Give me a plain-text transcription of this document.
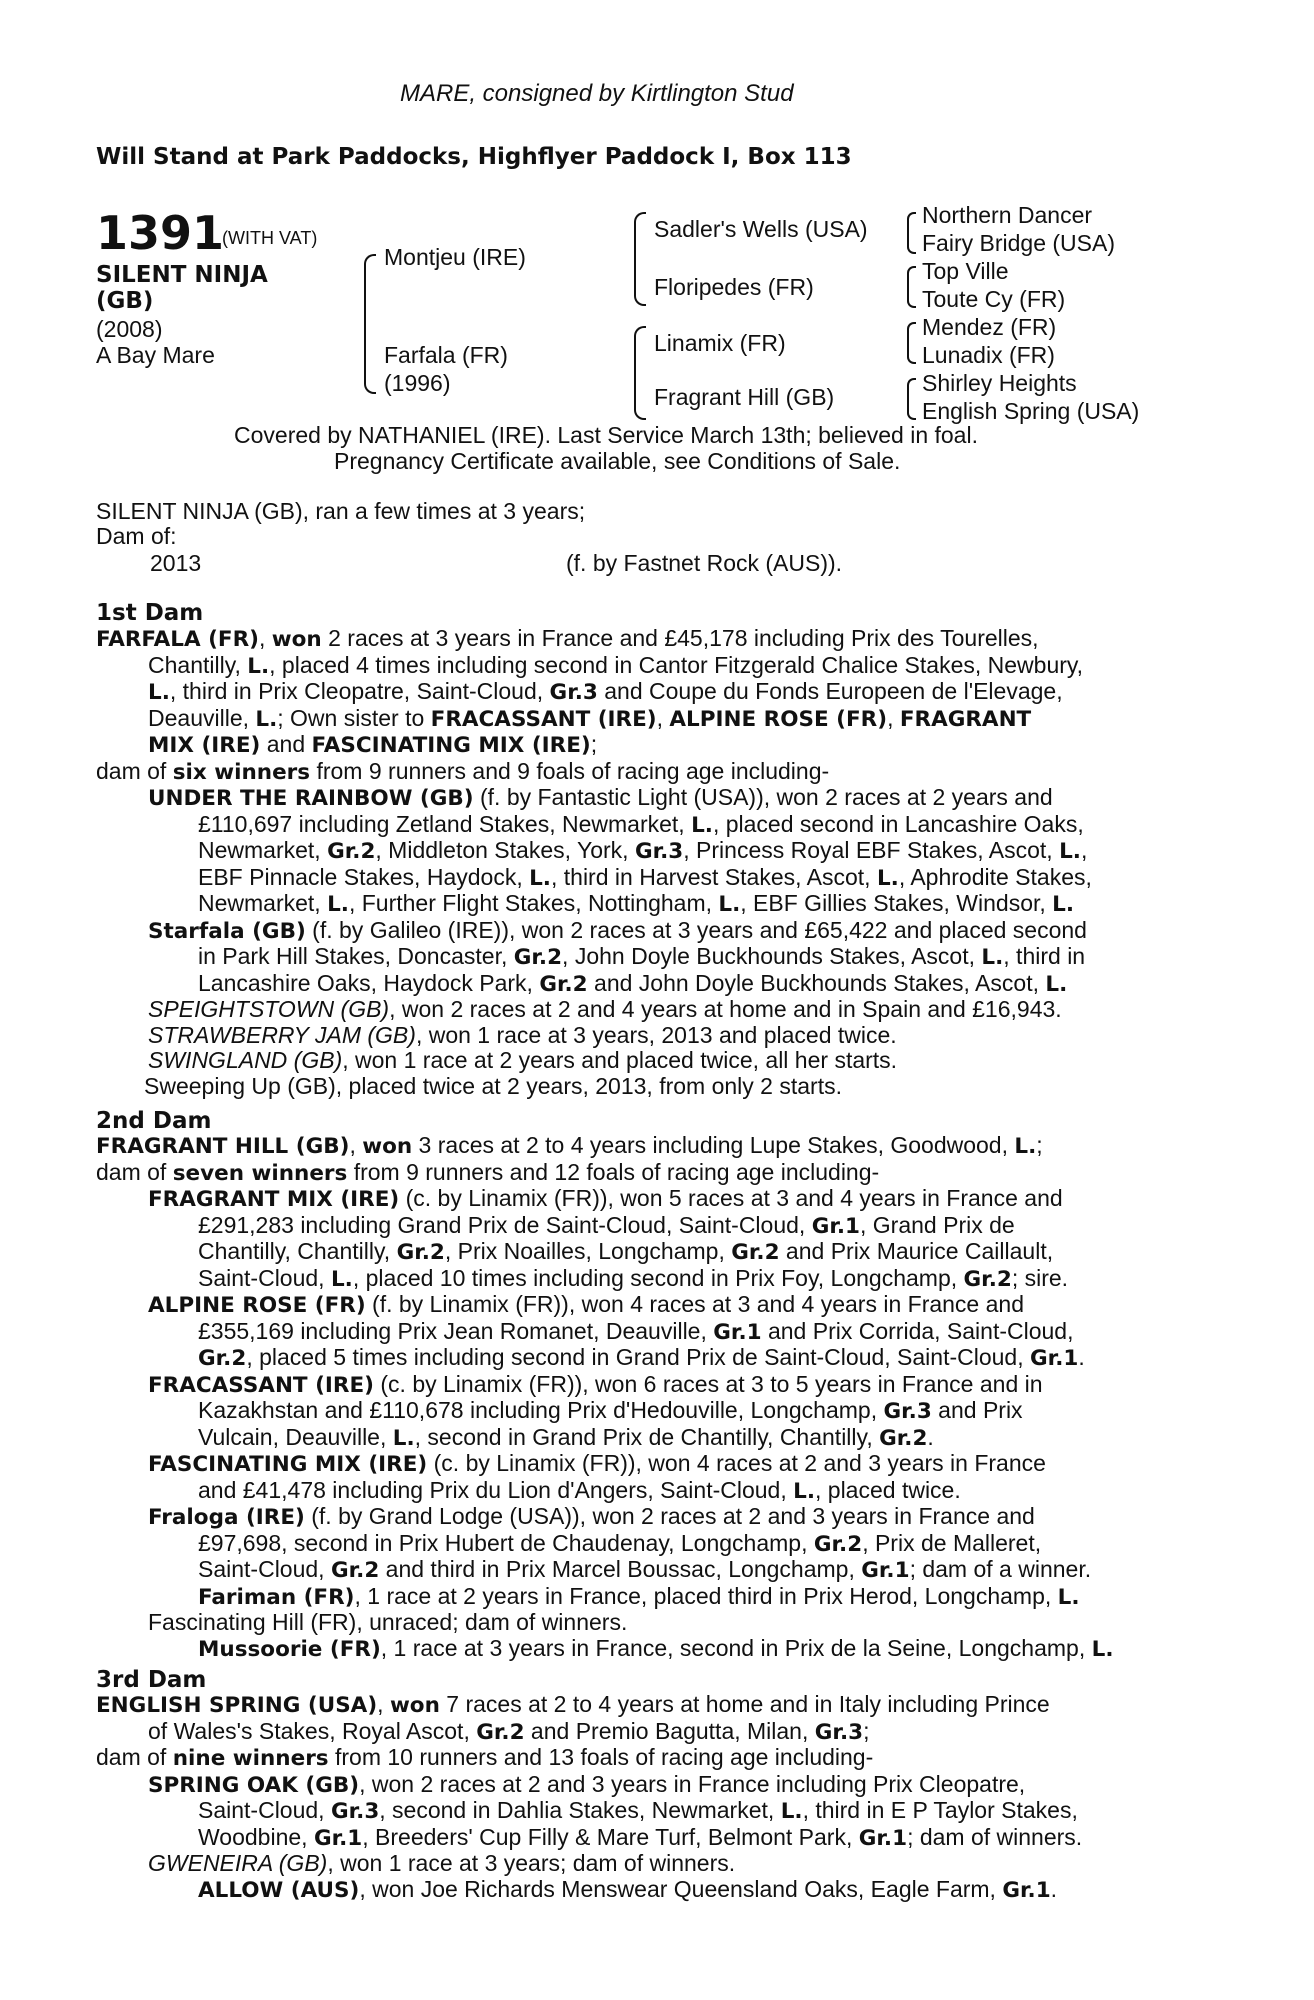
MARE, consigned by Kirtlington Stud
Will Stand at Park Paddocks, Highflyer Paddock I, Box 113
1391
(WITH VAT)
SILENT NINJA
(GB)
(2008)
A Bay Mare
Montjeu (IRE)
Farfala (FR)
(1996)
Sadler's Wells (USA)
Floripedes (FR)
Linamix (FR)
Fragrant Hill (GB)
Northern Dancer
Fairy Bridge (USA)
Top Ville
Toute Cy (FR)
Mendez (FR)
Lunadix (FR)
Shirley Heights
English Spring (USA)
Covered by NATHANIEL (IRE). Last Service March 13th; believed in foal.
Pregnancy Certificate available, see Conditions of Sale.
SILENT NINJA (GB), ran a few times at 3 years;
Dam of:
2013	(f. by Fastnet Rock (AUS)).
1st Dam
FARFALA (FR), won 2 races at 3 years in France and £45,178 including Prix des Tourelles,
Chantilly, L., placed 4 times including second in Cantor Fitzgerald Chalice Stakes, Newbury,
L., third in Prix Cleopatre, Saint-Cloud, Gr.3 and Coupe du Fonds Europeen de l'Elevage,
Deauville, L.; Own sister to FRACASSANT (IRE), ALPINE ROSE (FR), FRAGRANT
MIX (IRE) and FASCINATING MIX (IRE);
dam of six winners from 9 runners and 9 foals of racing age including-
UNDER THE RAINBOW (GB) (f. by Fantastic Light (USA)), won 2 races at 2 years and
£110,697 including Zetland Stakes, Newmarket, L., placed second in Lancashire Oaks,
Newmarket, Gr.2, Middleton Stakes, York, Gr.3, Princess Royal EBF Stakes, Ascot, L.,
EBF Pinnacle Stakes, Haydock, L., third in Harvest Stakes, Ascot, L., Aphrodite Stakes,
Newmarket, L., Further Flight Stakes, Nottingham, L., EBF Gillies Stakes, Windsor, L.
Starfala (GB) (f. by Galileo (IRE)), won 2 races at 3 years and £65,422 and placed second
in Park Hill Stakes, Doncaster, Gr.2, John Doyle Buckhounds Stakes, Ascot, L., third in
Lancashire Oaks, Haydock Park, Gr.2 and John Doyle Buckhounds Stakes, Ascot, L.
SPEIGHTSTOWN (GB), won 2 races at 2 and 4 years at home and in Spain and £16,943.
STRAWBERRY JAM (GB), won 1 race at 3 years, 2013 and placed twice.
SWINGLAND (GB), won 1 race at 2 years and placed twice, all her starts.
Sweeping Up (GB), placed twice at 2 years, 2013, from only 2 starts.
2nd Dam
FRAGRANT HILL (GB), won 3 races at 2 to 4 years including Lupe Stakes, Goodwood, L.;
dam of seven winners from 9 runners and 12 foals of racing age including-
FRAGRANT MIX (IRE) (c. by Linamix (FR)), won 5 races at 3 and 4 years in France and
£291,283 including Grand Prix de Saint-Cloud, Saint-Cloud, Gr.1, Grand Prix de
Chantilly, Chantilly, Gr.2, Prix Noailles, Longchamp, Gr.2 and Prix Maurice Caillault,
Saint-Cloud, L., placed 10 times including second in Prix Foy, Longchamp, Gr.2; sire.
ALPINE ROSE (FR) (f. by Linamix (FR)), won 4 races at 3 and 4 years in France and
£355,169 including Prix Jean Romanet, Deauville, Gr.1 and Prix Corrida, Saint-Cloud,
Gr.2, placed 5 times including second in Grand Prix de Saint-Cloud, Saint-Cloud, Gr.1.
FRACASSANT (IRE) (c. by Linamix (FR)), won 6 races at 3 to 5 years in France and in
Kazakhstan and £110,678 including Prix d'Hedouville, Longchamp, Gr.3 and Prix
Vulcain, Deauville, L., second in Grand Prix de Chantilly, Chantilly, Gr.2.
FASCINATING MIX (IRE) (c. by Linamix (FR)), won 4 races at 2 and 3 years in France
and £41,478 including Prix du Lion d'Angers, Saint-Cloud, L., placed twice.
Fraloga (IRE) (f. by Grand Lodge (USA)), won 2 races at 2 and 3 years in France and
£97,698, second in Prix Hubert de Chaudenay, Longchamp, Gr.2, Prix de Malleret,
Saint-Cloud, Gr.2 and third in Prix Marcel Boussac, Longchamp, Gr.1; dam of a winner.
Fariman (FR), 1 race at 2 years in France, placed third in Prix Herod, Longchamp, L.
Fascinating Hill (FR), unraced; dam of winners.
Mussoorie (FR), 1 race at 3 years in France, second in Prix de la Seine, Longchamp, L.
3rd Dam
ENGLISH SPRING (USA), won 7 races at 2 to 4 years at home and in Italy including Prince
of Wales's Stakes, Royal Ascot, Gr.2 and Premio Bagutta, Milan, Gr.3;
dam of nine winners from 10 runners and 13 foals of racing age including-
SPRING OAK (GB), won 2 races at 2 and 3 years in France including Prix Cleopatre,
Saint-Cloud, Gr.3, second in Dahlia Stakes, Newmarket, L., third in E P Taylor Stakes,
Woodbine, Gr.1, Breeders' Cup Filly & Mare Turf, Belmont Park, Gr.1; dam of winners.
GWENEIRA (GB), won 1 race at 3 years; dam of winners.
ALLOW (AUS), won Joe Richards Menswear Queensland Oaks, Eagle Farm, Gr.1.
